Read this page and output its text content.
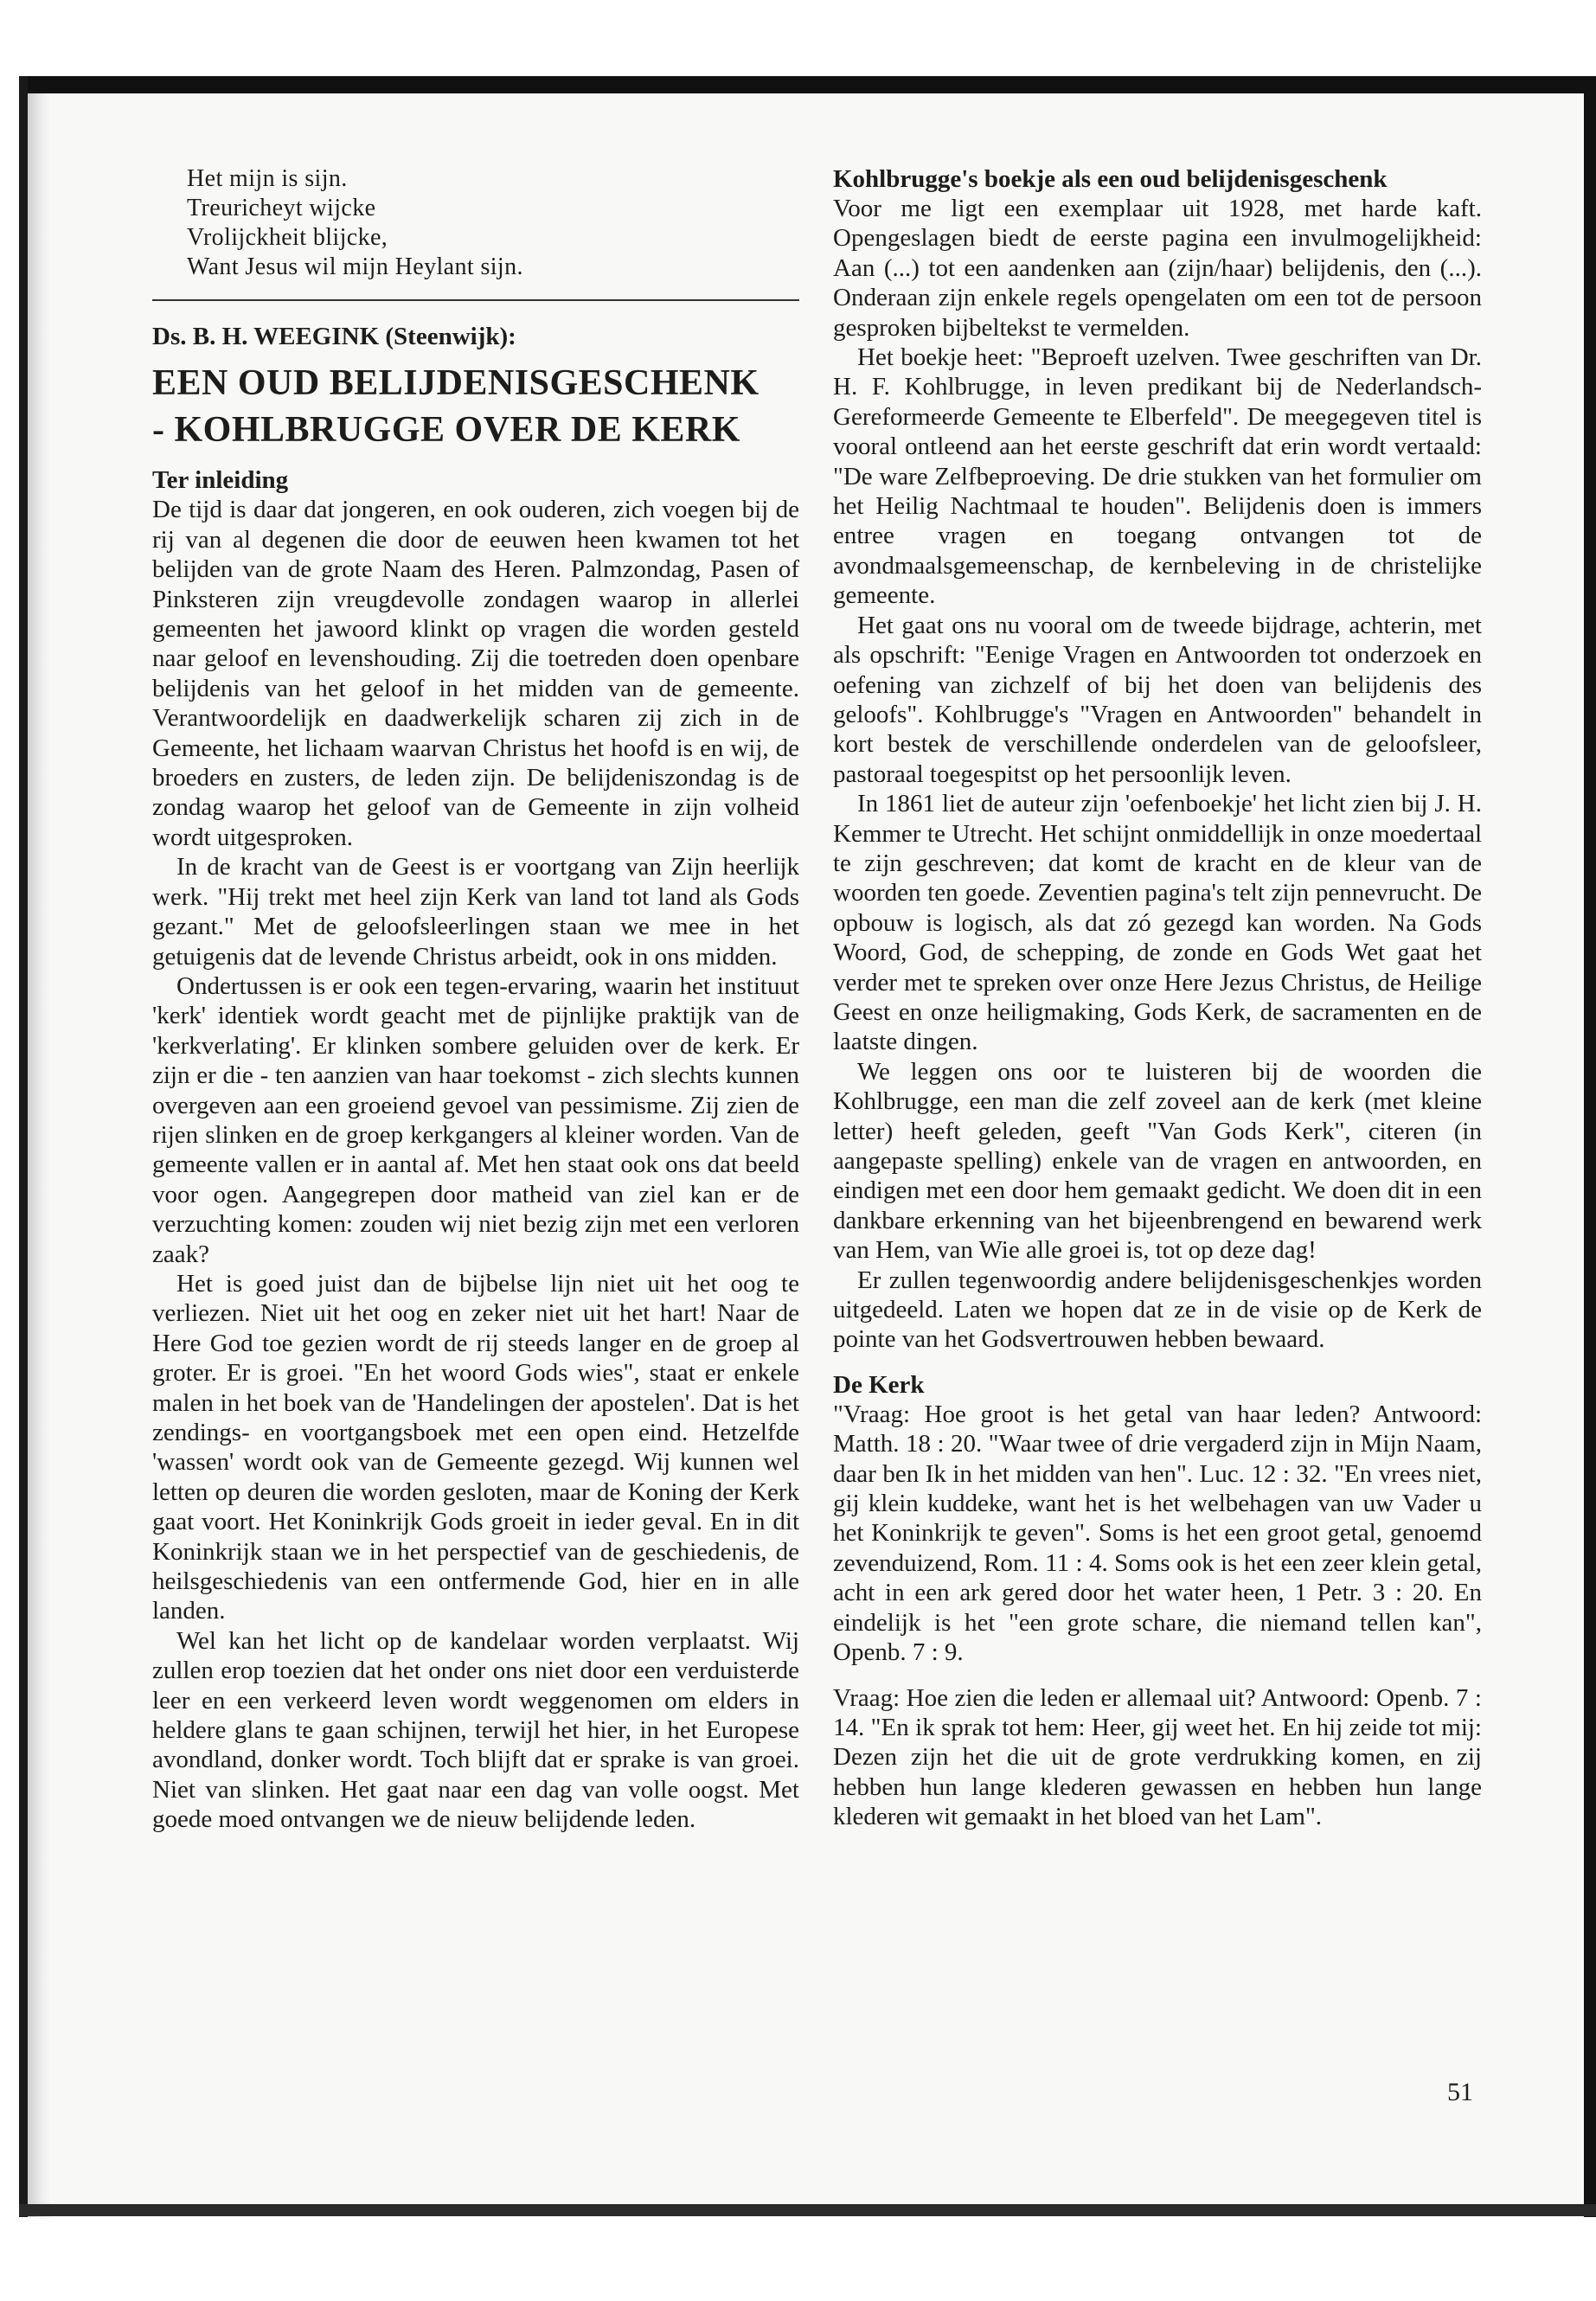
Het mijn is sijn.

Treuricheyt wijcke

Vrolijckheit blijcke,

Want Jesus wil mijn Heylant sijn.

Ds. B. H. WEEGINK (Steenwijk):

EEN OUD BELIJDENISGESCHENK
- KOHLBRUGGE OVER DE KERK

Ter inleiding

De tijd is daar dat jongeren, en ook ouderen, zich voegen bij de rij van al degenen die door de eeuwen heen kwamen tot het belijden van de grote Naam des Heren. Palmzondag, Pasen of Pinksteren zijn vreugdevolle zondagen waarop in allerlei gemeenten het jawoord klinkt op vragen die worden gesteld naar geloof en levenshouding. Zij die toetreden doen openbare belijdenis van het geloof in het midden van de gemeente. Verantwoordelijk en daadwerkelijk scharen zij zich in de Gemeente, het lichaam waarvan Christus het hoofd is en wij, de broeders en zusters, de leden zijn. De belijdeniszondag is de zondag waarop het geloof van de Gemeente in zijn volheid wordt uitgesproken.

In de kracht van de Geest is er voortgang van Zijn heerlijk werk. "Hij trekt met heel zijn Kerk van land tot land als Gods gezant." Met de geloofsleerlingen staan we mee in het getuigenis dat de levende Christus arbeidt, ook in ons midden.

Ondertussen is er ook een tegen-ervaring, waarin het instituut 'kerk' identiek wordt geacht met de pijnlijke praktijk van de 'kerkverlating'. Er klinken sombere geluiden over de kerk. Er zijn er die - ten aanzien van haar toekomst - zich slechts kunnen overgeven aan een groeiend gevoel van pessimisme. Zij zien de rijen slinken en de groep kerkgangers al kleiner worden. Van de gemeente vallen er in aantal af. Met hen staat ook ons dat beeld voor ogen. Aangegrepen door matheid van ziel kan er de verzuchting komen: zouden wij niet bezig zijn met een verloren zaak?

Het is goed juist dan de bijbelse lijn niet uit het oog te verliezen. Niet uit het oog en zeker niet uit het hart! Naar de Here God toe gezien wordt de rij steeds langer en de groep al groter. Er is groei. "En het woord Gods wies", staat er enkele malen in het boek van de 'Handelingen der apostelen'. Dat is het zendings- en voortgangsboek met een open eind. Hetzelfde 'wassen' wordt ook van de Gemeente gezegd. Wij kunnen wel letten op deuren die worden gesloten, maar de Koning der Kerk gaat voort. Het Koninkrijk Gods groeit in ieder geval. En in dit Koninkrijk staan we in het perspectief van de geschiedenis, de heilsgeschiedenis van een ontfermende God, hier en in alle landen.

Wel kan het licht op de kandelaar worden verplaatst. Wij zullen erop toezien dat het onder ons niet door een verduisterde leer en een verkeerd leven wordt weggenomen om elders in heldere glans te gaan schijnen, terwijl het hier, in het Europese avondland, donker wordt. Toch blijft dat er sprake is van groei. Niet van slinken. Het gaat naar een dag van volle oogst. Met goede moed ontvangen we de nieuw belijdende leden.

Kohlbrugge's boekje als een oud belijdenisgeschenk

Voor me ligt een exemplaar uit 1928, met harde kaft. Opengeslagen biedt de eerste pagina een invulmogelijkheid: Aan (...) tot een aandenken aan (zijn/haar) belijdenis, den (...). Onderaan zijn enkele regels opengelaten om een tot de persoon gesproken bijbeltekst te vermelden.

Het boekje heet: "Beproeft uzelven. Twee geschriften van Dr. H. F. Kohlbrugge, in leven predikant bij de Nederlandsch-Gereformeerde Gemeente te Elberfeld". De meegegeven titel is vooral ontleend aan het eerste geschrift dat erin wordt vertaald: "De ware Zelfbeproeving. De drie stukken van het formulier om het Heilig Nachtmaal te houden". Belijdenis doen is immers entree vragen en toegang ontvangen tot de avondmaalsgemeenschap, de kernbeleving in de christelijke gemeente.

Het gaat ons nu vooral om de tweede bijdrage, achterin, met als opschrift: "Eenige Vragen en Antwoorden tot onderzoek en oefening van zichzelf of bij het doen van belijdenis des geloofs". Kohlbrugge's "Vragen en Antwoorden" behandelt in kort bestek de verschillende onderdelen van de geloofsleer, pastoraal toegespitst op het persoonlijk leven.

In 1861 liet de auteur zijn 'oefenboekje' het licht zien bij J. H. Kemmer te Utrecht. Het schijnt onmiddellijk in onze moedertaal te zijn geschreven; dat komt de kracht en de kleur van de woorden ten goede. Zeventien pagina's telt zijn pennevrucht. De opbouw is logisch, als dat zó gezegd kan worden. Na Gods Woord, God, de schepping, de zonde en Gods Wet gaat het verder met te spreken over onze Here Jezus Christus, de Heilige Geest en onze heiligmaking, Gods Kerk, de sacramenten en de laatste dingen.

We leggen ons oor te luisteren bij de woorden die Kohlbrugge, een man die zelf zoveel aan de kerk (met kleine letter) heeft geleden, geeft "Van Gods Kerk", citeren (in aangepaste spelling) enkele van de vragen en antwoorden, en eindigen met een door hem gemaakt gedicht. We doen dit in een dankbare erkenning van het bijeenbrengend en bewarend werk van Hem, van Wie alle groei is, tot op deze dag!

Er zullen tegenwoordig andere belijdenisgeschenkjes worden uitgedeeld. Laten we hopen dat ze in de visie op de Kerk de pointe van het Godsvertrouwen hebben bewaard.

De Kerk

"Vraag: Hoe groot is het getal van haar leden? Antwoord: Matth. 18 : 20. "Waar twee of drie vergaderd zijn in Mijn Naam, daar ben Ik in het midden van hen". Luc. 12 : 32. "En vrees niet, gij klein kuddeke, want het is het welbehagen van uw Vader u het Koninkrijk te geven". Soms is het een groot getal, genoemd zevenduizend, Rom. 11 : 4. Soms ook is het een zeer klein getal, acht in een ark gered door het water heen, 1 Petr. 3 : 20. En eindelijk is het "een grote schare, die niemand tellen kan", Openb. 7 : 9.

Vraag: Hoe zien die leden er allemaal uit? Antwoord: Openb. 7 : 14. "En ik sprak tot hem: Heer, gij weet het. En hij zeide tot mij: Dezen zijn het die uit de grote verdrukking komen, en zij hebben hun lange klederen gewassen en hebben hun lange klederen wit gemaakt in het bloed van het Lam".

51
